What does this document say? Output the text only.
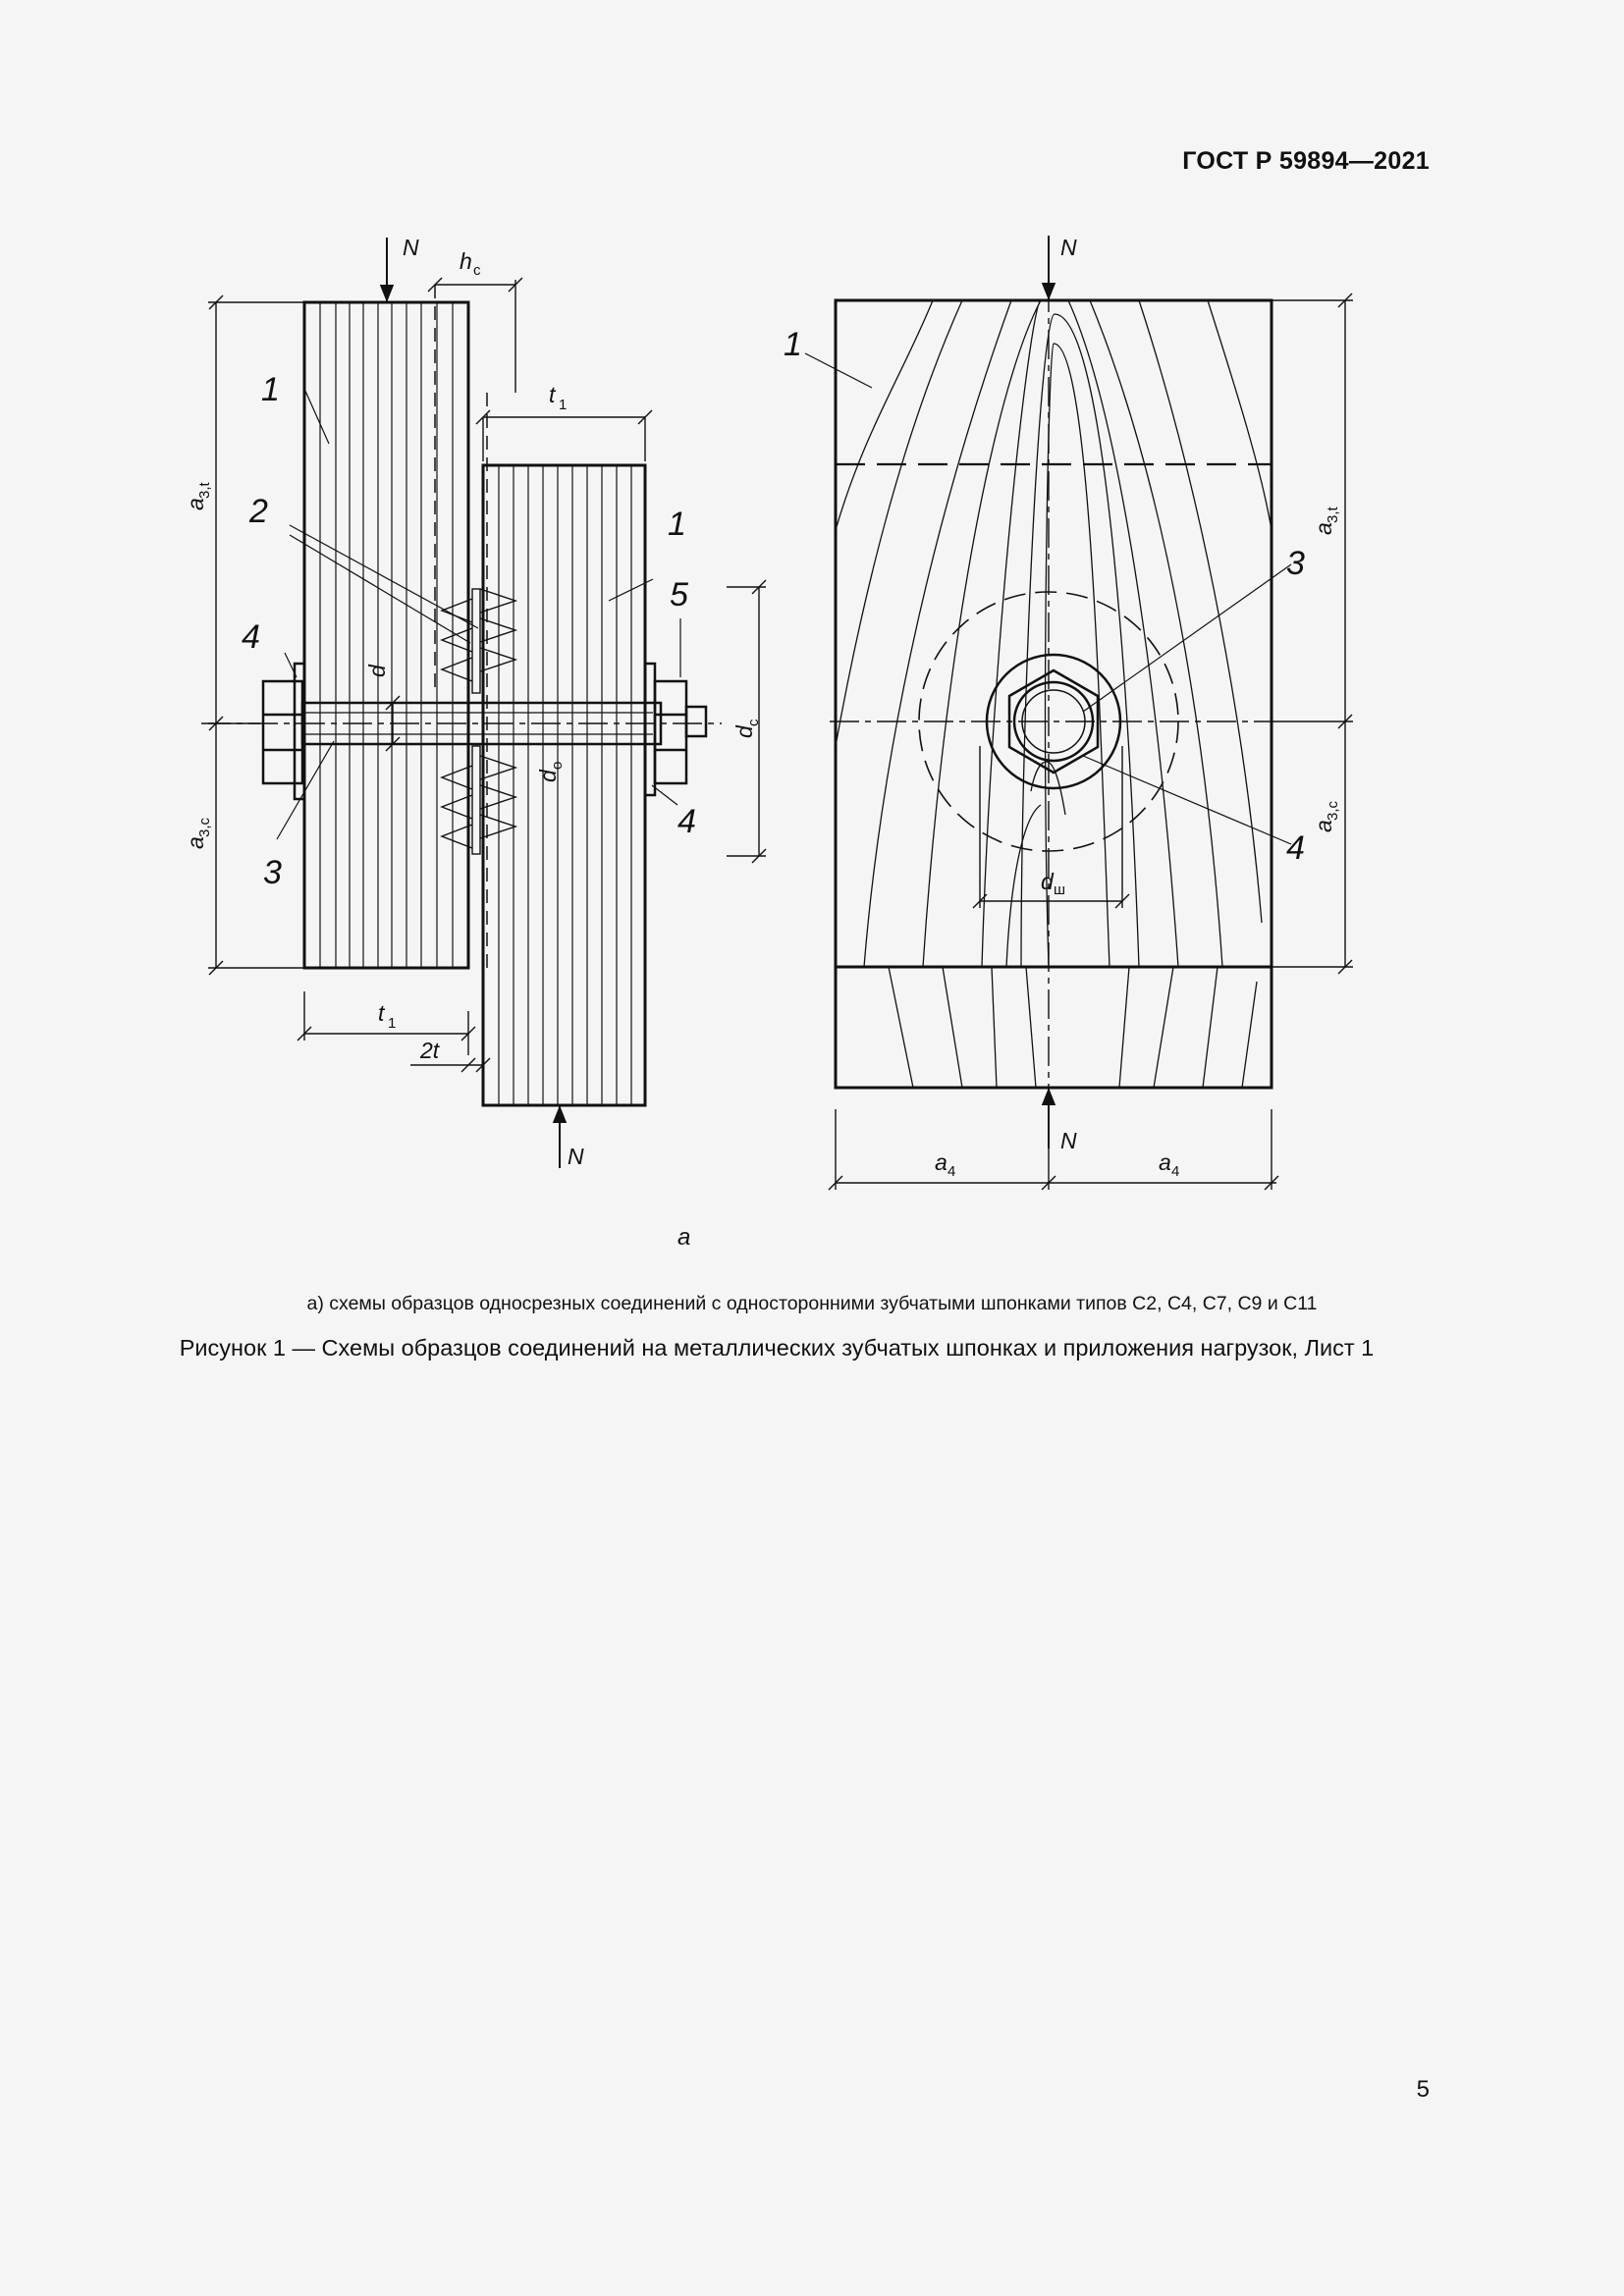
ГОСТ Р 59894—2021
N
N
1
2	1
5
4
3
4
h c
t 1
a
3,t
a
3,c
d
d
o
d
c
t 1
2t
N
N
1
3
4
a
3,t
a
3,c
d ш
a 4	a 4
а
а) схемы образцов односрезных соединений с односторонними зубчатыми шпонками типов С2, С4, С7, С9 и С11
Рисунок 1 — Схемы образцов соединений на металлических зубчатых шпонках и приложения нагрузок, Лист 1
5
